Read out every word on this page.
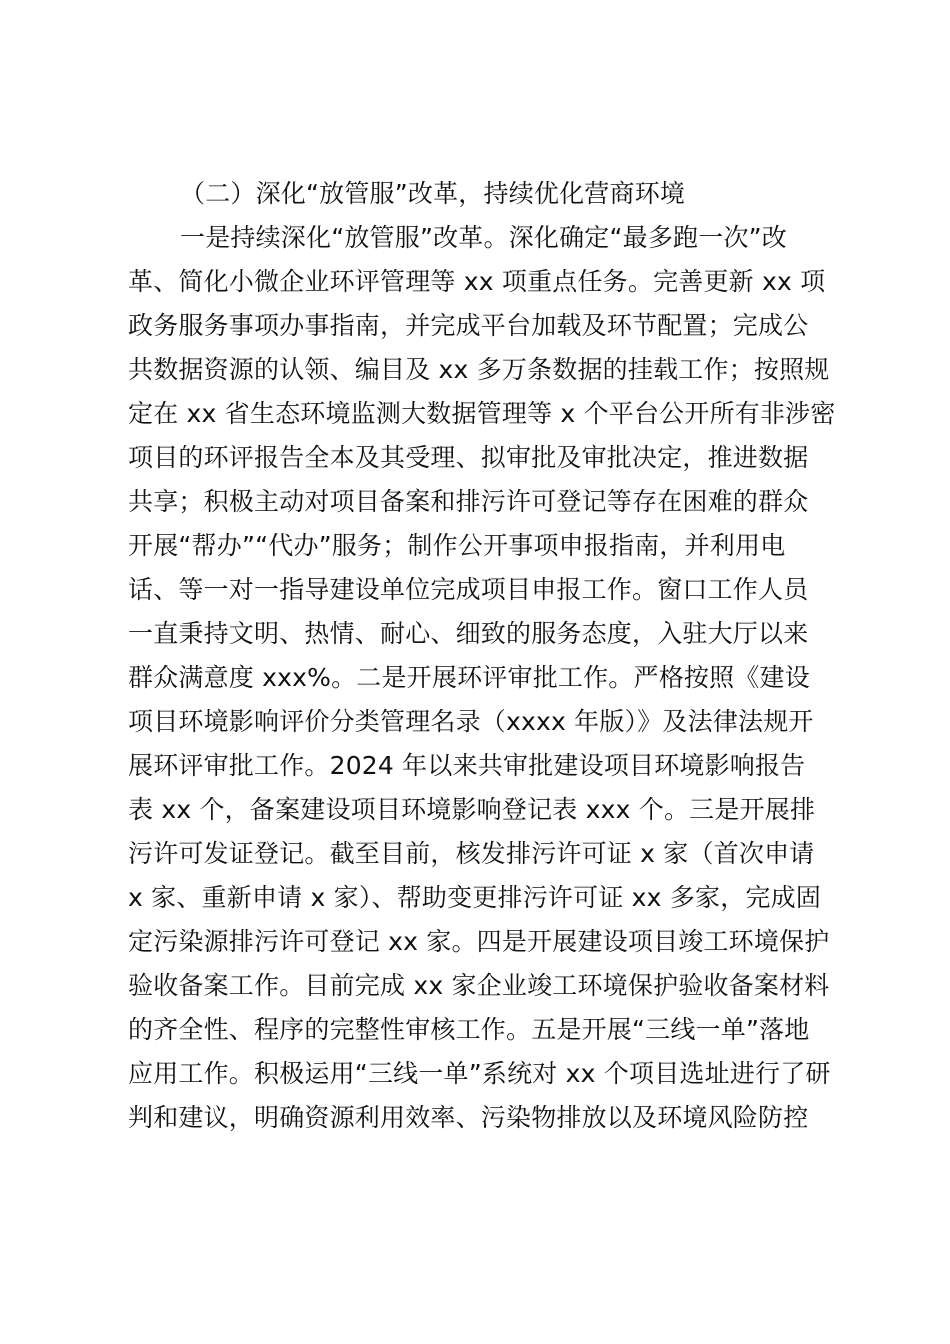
（二）深化“放管服”改革，持续优化营商环境
一是持续深化“放管服”改革。深化确定“最多跑一次”改
革、简化小微企业环评管理等 xx 项重点任务。完善更新 xx 项
政务服务事项办事指南，并完成平台加载及环节配置；完成公
共数据资源的认领、编目及 xx 多万条数据的挂载工作；按照规
定在 xx 省生态环境监测大数据管理等 x 个平台公开所有非涉密
项目的环评报告全本及其受理、拟审批及审批决定，推进数据
共享；积极主动对项目备案和排污许可登记等存在困难的群众
开展“帮办”“代办”服务；制作公开事项申报指南，并利用电
话、等一对一指导建设单位完成项目申报工作。窗口工作人员
一直秉持文明、热情、耐心、细致的服务态度，入驻大厅以来
群众满意度 xxx%。二是开展环评审批工作。严格按照《建设
项目环境影响评价分类管理名录（xxxx 年版）》及法律法规开
展环评审批工作。2024 年以来共审批建设项目环境影响报告
表 xx 个，备案建设项目环境影响登记表 xxx 个。三是开展排
污许可发证登记。截至目前，核发排污许可证 x 家（首次申请
x 家、重新申请 x 家）、帮助变更排污许可证 xx 多家，完成固
定污染源排污许可登记 xx 家。四是开展建设项目竣工环境保护
验收备案工作。目前完成 xx 家企业竣工环境保护验收备案材料
的齐全性、程序的完整性审核工作。五是开展“三线一单”落地
应用工作。积极运用“三线一单”系统对 xx 个项目选址进行了研
判和建议，明确资源利用效率、污染物排放以及环境风险防控
